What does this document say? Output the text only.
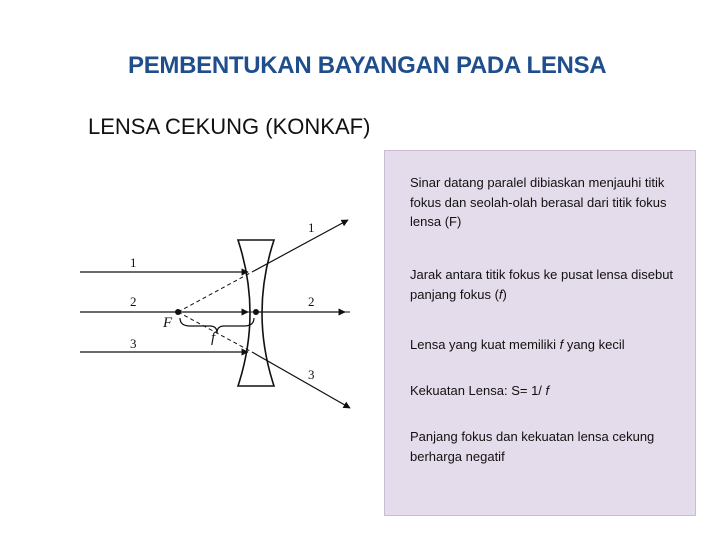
PEMBENTUKAN BAYANGAN PADA LENSA
LENSA CEKUNG (KONKAF)
1
2
3
1
2
3
F
f
Sinar datang paralel dibiaskan menjauhi titik fokus dan seolah-olah berasal dari titik fokus lensa (F)
Jarak antara titik fokus ke pusat lensa disebut panjang fokus (f)
Lensa yang kuat memiliki f yang kecil
Kekuatan Lensa: S= 1/ f
Panjang fokus dan kekuatan lensa cekung berharga negatif
